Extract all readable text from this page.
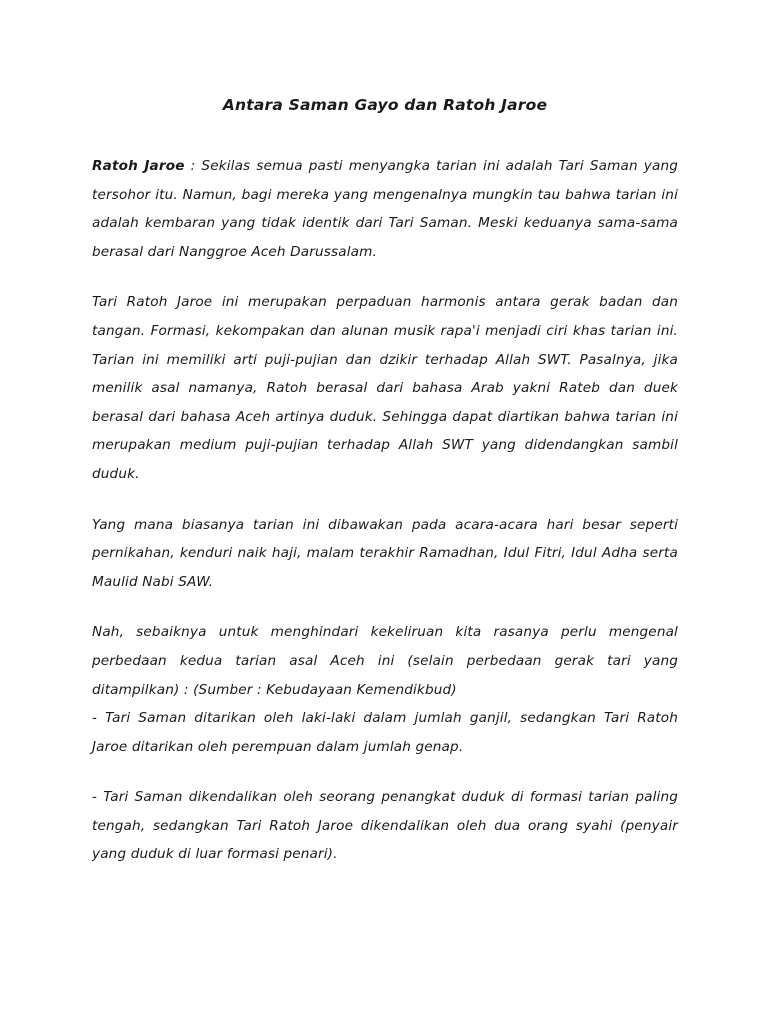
Antara Saman Gayo dan Ratoh Jaroe

Ratoh Jaroe : Sekilas semua pasti menyangka tarian ini adalah Tari Saman yang tersohor itu. Namun, bagi mereka yang mengenalnya mungkin tau bahwa tarian ini adalah kembaran yang tidak identik dari Tari Saman. Meski keduanya sama-sama berasal dari Nanggroe Aceh Darussalam.

Tari Ratoh Jaroe ini merupakan perpaduan harmonis antara gerak badan dan tangan. Formasi, kekompakan dan alunan musik rapa'i menjadi ciri khas tarian ini. Tarian ini memiliki arti puji-pujian dan dzikir terhadap Allah SWT. Pasalnya, jika menilik asal namanya, Ratoh berasal dari bahasa Arab yakni Rateb dan duek berasal dari bahasa Aceh artinya duduk. Sehingga dapat diartikan bahwa tarian ini merupakan medium puji-pujian terhadap Allah SWT yang didendangkan sambil duduk.

Yang mana biasanya tarian ini dibawakan pada acara-acara hari besar seperti pernikahan, kenduri naik haji, malam terakhir Ramadhan, Idul Fitri, Idul Adha serta Maulid Nabi SAW.

Nah, sebaiknya untuk menghindari kekeliruan kita rasanya perlu mengenal perbedaan kedua tarian asal Aceh ini (selain perbedaan gerak tari yang ditampilkan) : (Sumber : Kebudayaan Kemendikbud)

- Tari Saman ditarikan oleh laki-laki dalam jumlah ganjil, sedangkan Tari Ratoh Jaroe ditarikan oleh perempuan dalam jumlah genap.

- Tari Saman dikendalikan oleh seorang penangkat duduk di formasi tarian paling tengah, sedangkan Tari Ratoh Jaroe dikendalikan oleh dua orang syahi (penyair yang duduk di luar formasi penari).
